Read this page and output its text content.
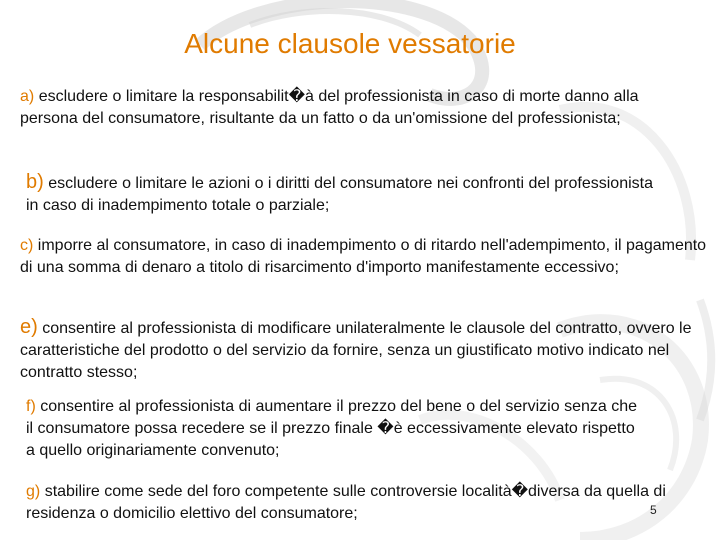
Alcune clausole vessatorie

a) escludere o limitare la responsabilit�à del professionista in caso di morte danno alla persona del consumatore, risultante da un fatto o da un'omissione del professionista;

b) escludere o limitare le azioni o i diritti del consumatore nei confronti del professionista in caso di inadempimento totale o parziale;

c) imporre al consumatore, in caso di inadempimento o di ritardo nell'adempimento, il pagamento di una somma di denaro a titolo di risarcimento d'importo manifestamente eccessivo;

e) consentire al professionista di modificare unilateralmente le clausole del contratto, ovvero le caratteristiche del prodotto o del servizio da fornire, senza un giustificato motivo indicato nel contratto stesso;

f) consentire al professionista di aumentare il prezzo del bene o del servizio senza che il consumatore possa recedere se il prezzo finale �è eccessivamente elevato rispetto a quello originariamente convenuto;

g) stabilire come sede del foro competente sulle controversie località�diversa da quella di residenza o domicilio elettivo del consumatore;	5
